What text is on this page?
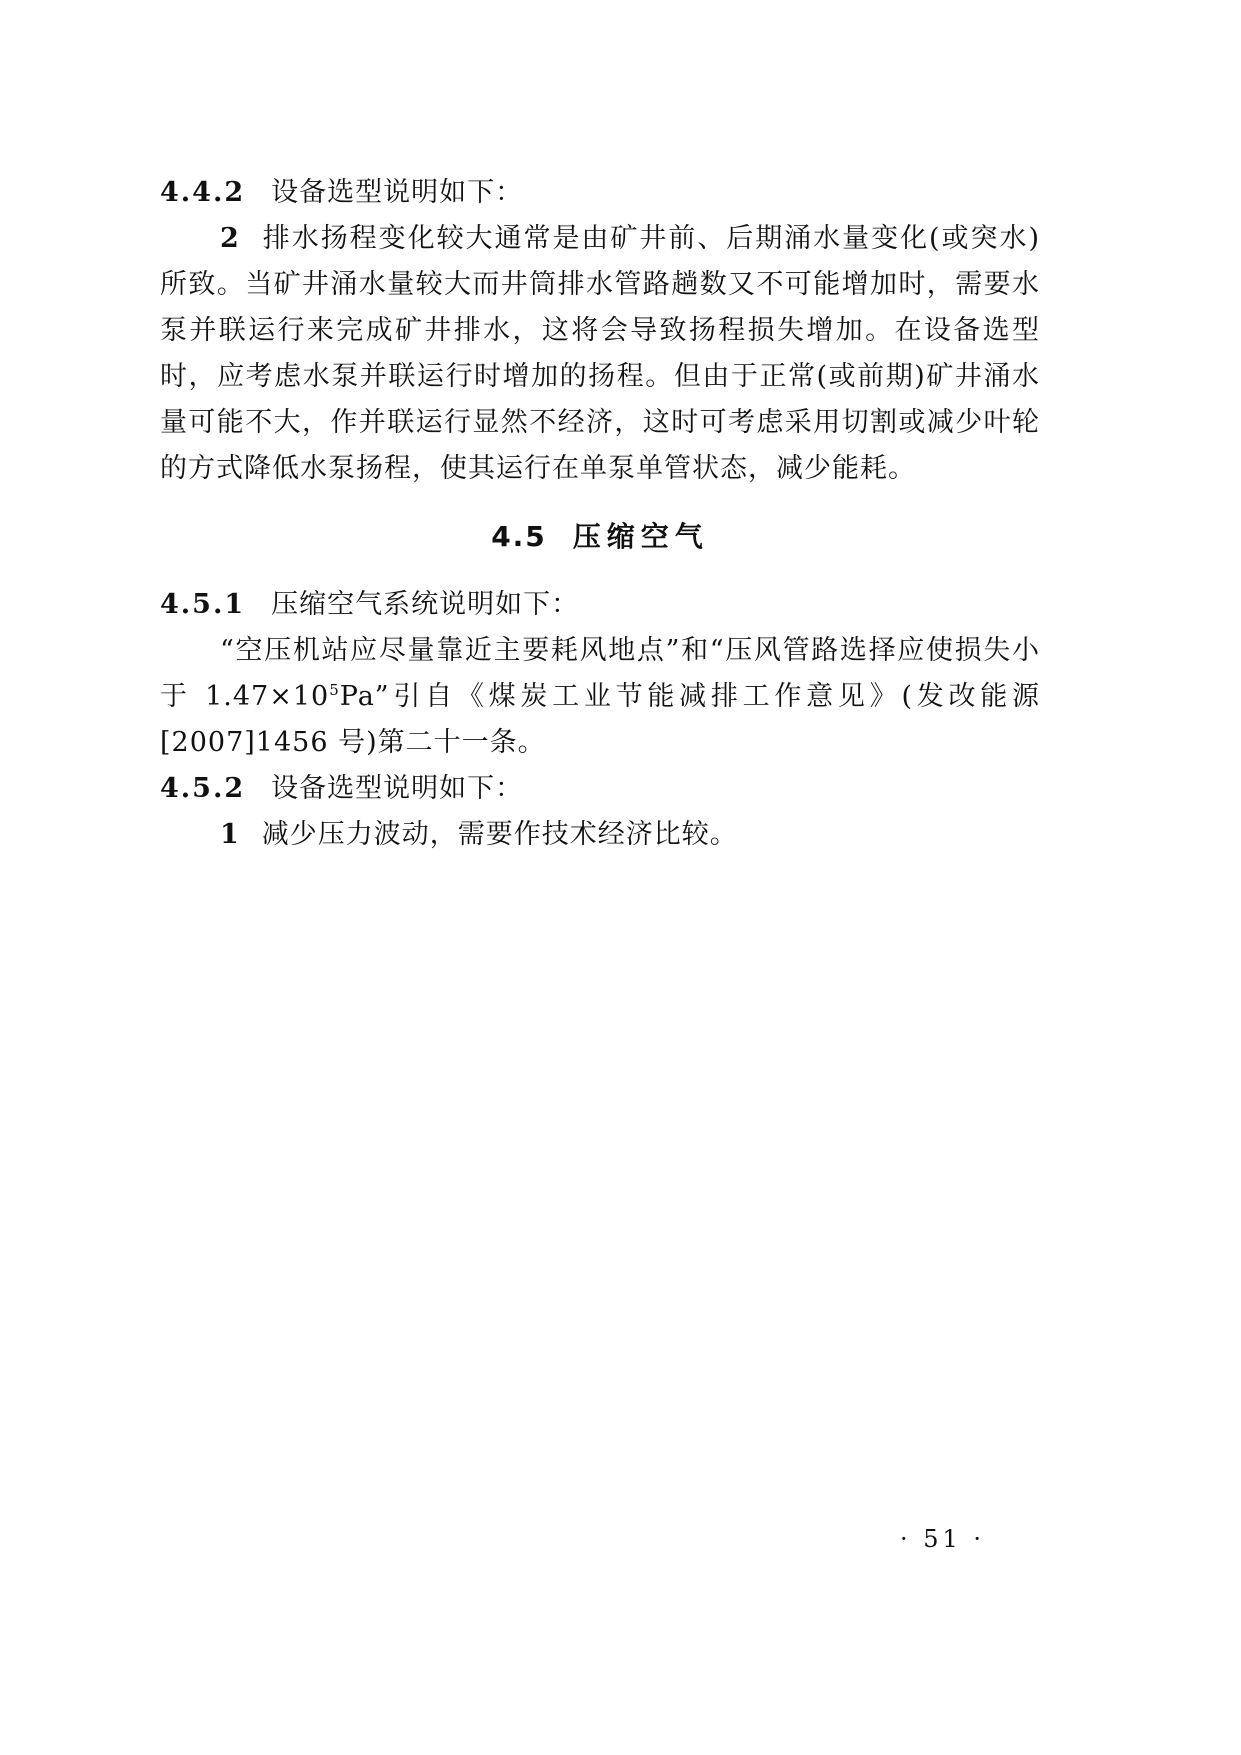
4.4.2 设备选型说明如下：

2 排水扬程变化较大通常是由矿井前、后期涌水量变化(或突水)所致。当矿井涌水量较大而井筒排水管路趟数又不可能增加时，需要水泵并联运行来完成矿井排水，这将会导致扬程损失增加。在设备选型时，应考虑水泵并联运行时增加的扬程。但由于正常(或前期)矿井涌水量可能不大，作并联运行显然不经济，这时可考虑采用切割或减少叶轮的方式降低水泵扬程，使其运行在单泵单管状态，减少能耗。

4.5 压缩空气

4.5.1 压缩空气系统说明如下：

“空压机站应尽量靠近主要耗风地点”和“压风管路选择应使损失小于 $1.47\times 10^5Pa$”引自《煤炭工业节能减排工作意见》(发改能源[2007]1456 号)第二十一条。

4.5.2 设备选型说明如下：

1 减少压力波动，需要作技术经济比较。

· 51 ·
